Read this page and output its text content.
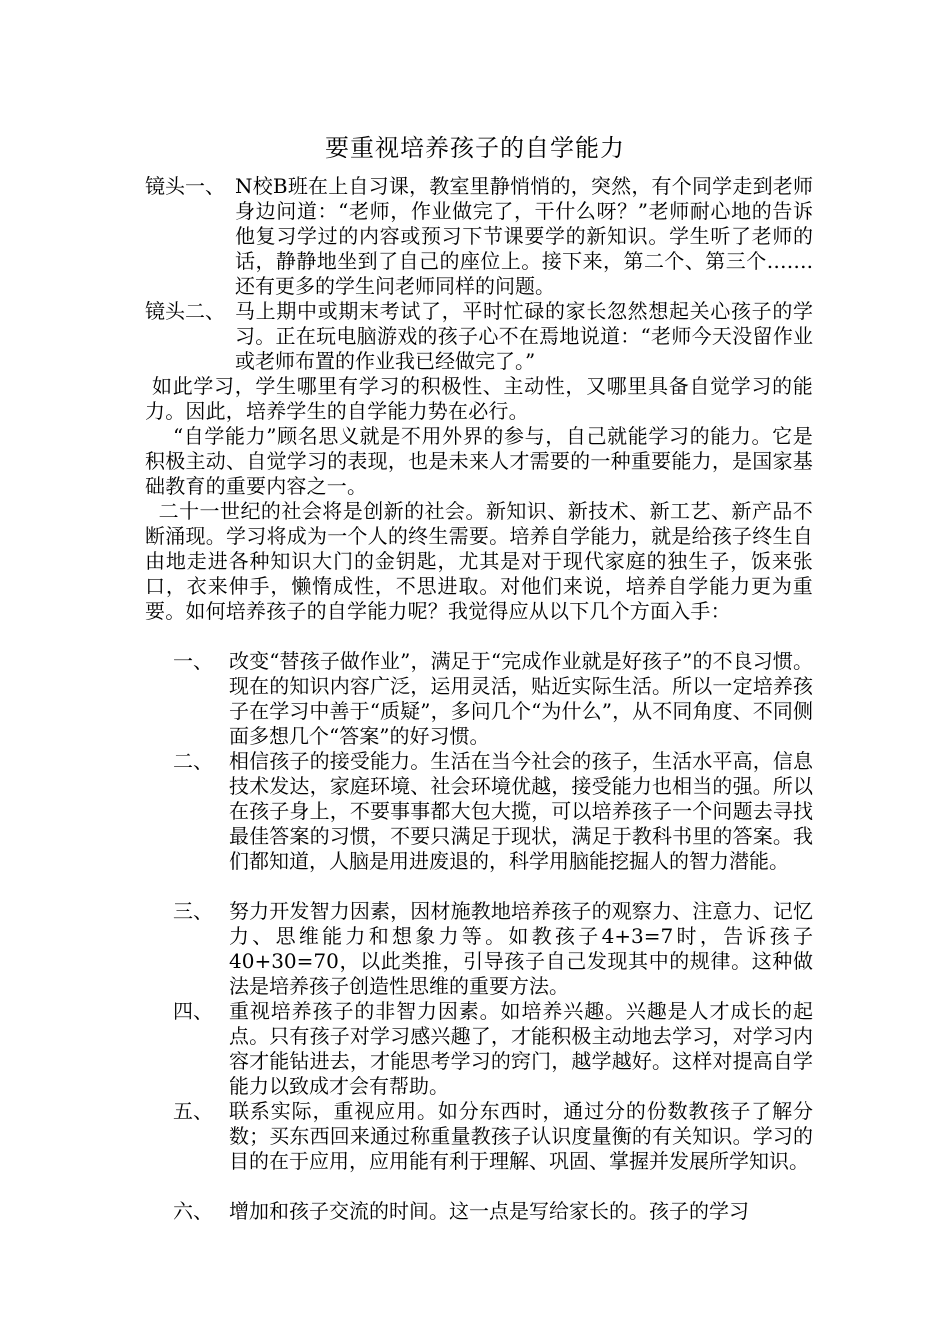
要重视培养孩子的自学能力
镜头一、 N校B班在上自习课，教室里静悄悄的，突然，有个同学走到老师身边问道：“老师，作业做完了，干什么呀？”老师耐心地的告诉他复习学过的内容或预习下节课要学的新知识。学生听了老师的话，静静地坐到了自己的座位上。接下来，第二个、第三个…….还有更多的学生问老师同样的问题。
镜头二、 马上期中或期末考试了，平时忙碌的家长忽然想起关心孩子的学习。正在玩电脑游戏的孩子心不在焉地说道：“老师今天没留作业或老师布置的作业我已经做完了。”
如此学习，学生哪里有学习的积极性、主动性，又哪里具备自觉学习的能力。因此，培养学生的自学能力势在必行。
“自学能力”顾名思义就是不用外界的参与，自己就能学习的能力。它是积极主动、自觉学习的表现，也是未来人才需要的一种重要能力，是国家基础教育的重要内容之一。
二十一世纪的社会将是创新的社会。新知识、新技术、新工艺、新产品不断涌现。学习将成为一个人的终生需要。培养自学能力，就是给孩子终生自由地走进各种知识大门的金钥匙，尤其是对于现代家庭的独生子，饭来张口，衣来伸手，懒惰成性，不思进取。对他们来说，培养自学能力更为重要。如何培养孩子的自学能力呢？我觉得应从以下几个方面入手：
一、 改变“替孩子做作业”，满足于“完成作业就是好孩子”的不良习惯。现在的知识内容广泛，运用灵活，贴近实际生活。所以一定培养孩子在学习中善于“质疑”，多问几个“为什么”，从不同角度、不同侧面多想几个“答案”的好习惯。
二、 相信孩子的接受能力。生活在当今社会的孩子，生活水平高，信息技术发达，家庭环境、社会环境优越，接受能力也相当的强。所以在孩子身上，不要事事都大包大揽，可以培养孩子一个问题去寻找最佳答案的习惯，不要只满足于现状，满足于教科书里的答案。我们都知道，人脑是用进废退的，科学用脑能挖掘人的智力潜能。
三、 努力开发智力因素，因材施教地培养孩子的观察力、注意力、记忆力、思维能力和想象力等。如教孩子4+3=7时，告诉孩子40+30=70，以此类推，引导孩子自己发现其中的规律。这种做法是培养孩子创造性思维的重要方法。
四、 重视培养孩子的非智力因素。如培养兴趣。兴趣是人才成长的起点。只有孩子对学习感兴趣了，才能积极主动地去学习，对学习内容才能钻进去，才能思考学习的窍门，越学越好。这样对提高自学能力以致成才会有帮助。
五、 联系实际，重视应用。如分东西时，通过分的份数教孩子了解分数；买东西回来通过称重量教孩子认识度量衡的有关知识。学习的目的在于应用，应用能有利于理解、巩固、掌握并发展所学知识。
六、 增加和孩子交流的时间。这一点是写给家长的。孩子的学习
